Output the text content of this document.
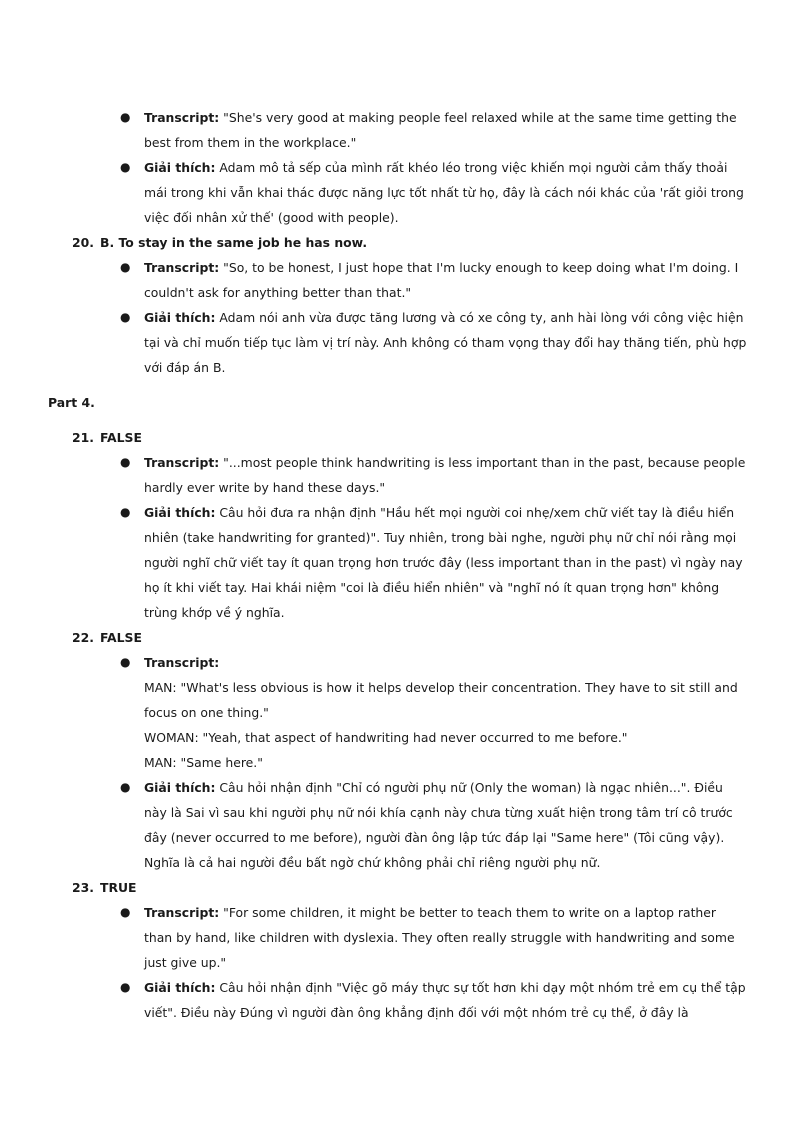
● Transcript: "She's very good at making people feel relaxed while at the same time getting the best from them in the workplace."
● Giải thích: Adam mô tả sếp của mình rất khéo léo trong việc khiến mọi người cảm thấy thoải mái trong khi vẫn khai thác được năng lực tốt nhất từ họ, đây là cách nói khác của 'rất giỏi trong việc đối nhân xử thế' (good with people).
20. B. To stay in the same job he has now.
● Transcript: "So, to be honest, I just hope that I'm lucky enough to keep doing what I'm doing. I couldn't ask for anything better than that."
● Giải thích: Adam nói anh vừa được tăng lương và có xe công ty, anh hài lòng với công việc hiện tại và chỉ muốn tiếp tục làm vị trí này. Anh không có tham vọng thay đổi hay thăng tiến, phù hợp với đáp án B.
Part 4.
21. FALSE
● Transcript: "...most people think handwriting is less important than in the past, because people hardly ever write by hand these days."
● Giải thích: Câu hỏi đưa ra nhận định "Hầu hết mọi người coi nhẹ/xem chữ viết tay là điều hiển nhiên (take handwriting for granted)". Tuy nhiên, trong bài nghe, người phụ nữ chỉ nói rằng mọi người nghĩ chữ viết tay ít quan trọng hơn trước đây (less important than in the past) vì ngày nay họ ít khi viết tay. Hai khái niệm "coi là điều hiển nhiên" và "nghĩ nó ít quan trọng hơn" không trùng khớp về ý nghĩa.
22. FALSE
● Transcript:
MAN: "What's less obvious is how it helps develop their concentration. They have to sit still and focus on one thing."
WOMAN: "Yeah, that aspect of handwriting had never occurred to me before."
MAN: "Same here."
● Giải thích: Câu hỏi nhận định "Chỉ có người phụ nữ (Only the woman) là ngạc nhiên...". Điều này là Sai vì sau khi người phụ nữ nói khía cạnh này chưa từng xuất hiện trong tâm trí cô trước đây (never occurred to me before), người đàn ông lập tức đáp lại "Same here" (Tôi cũng vậy). Nghĩa là cả hai người đều bất ngờ chứ không phải chỉ riêng người phụ nữ.
23. TRUE
● Transcript: "For some children, it might be better to teach them to write on a laptop rather than by hand, like children with dyslexia. They often really struggle with handwriting and some just give up."
● Giải thích: Câu hỏi nhận định "Việc gõ máy thực sự tốt hơn khi dạy một nhóm trẻ em cụ thể tập viết". Điều này Đúng vì người đàn ông khẳng định đối với một nhóm trẻ cụ thể, ở đây là
